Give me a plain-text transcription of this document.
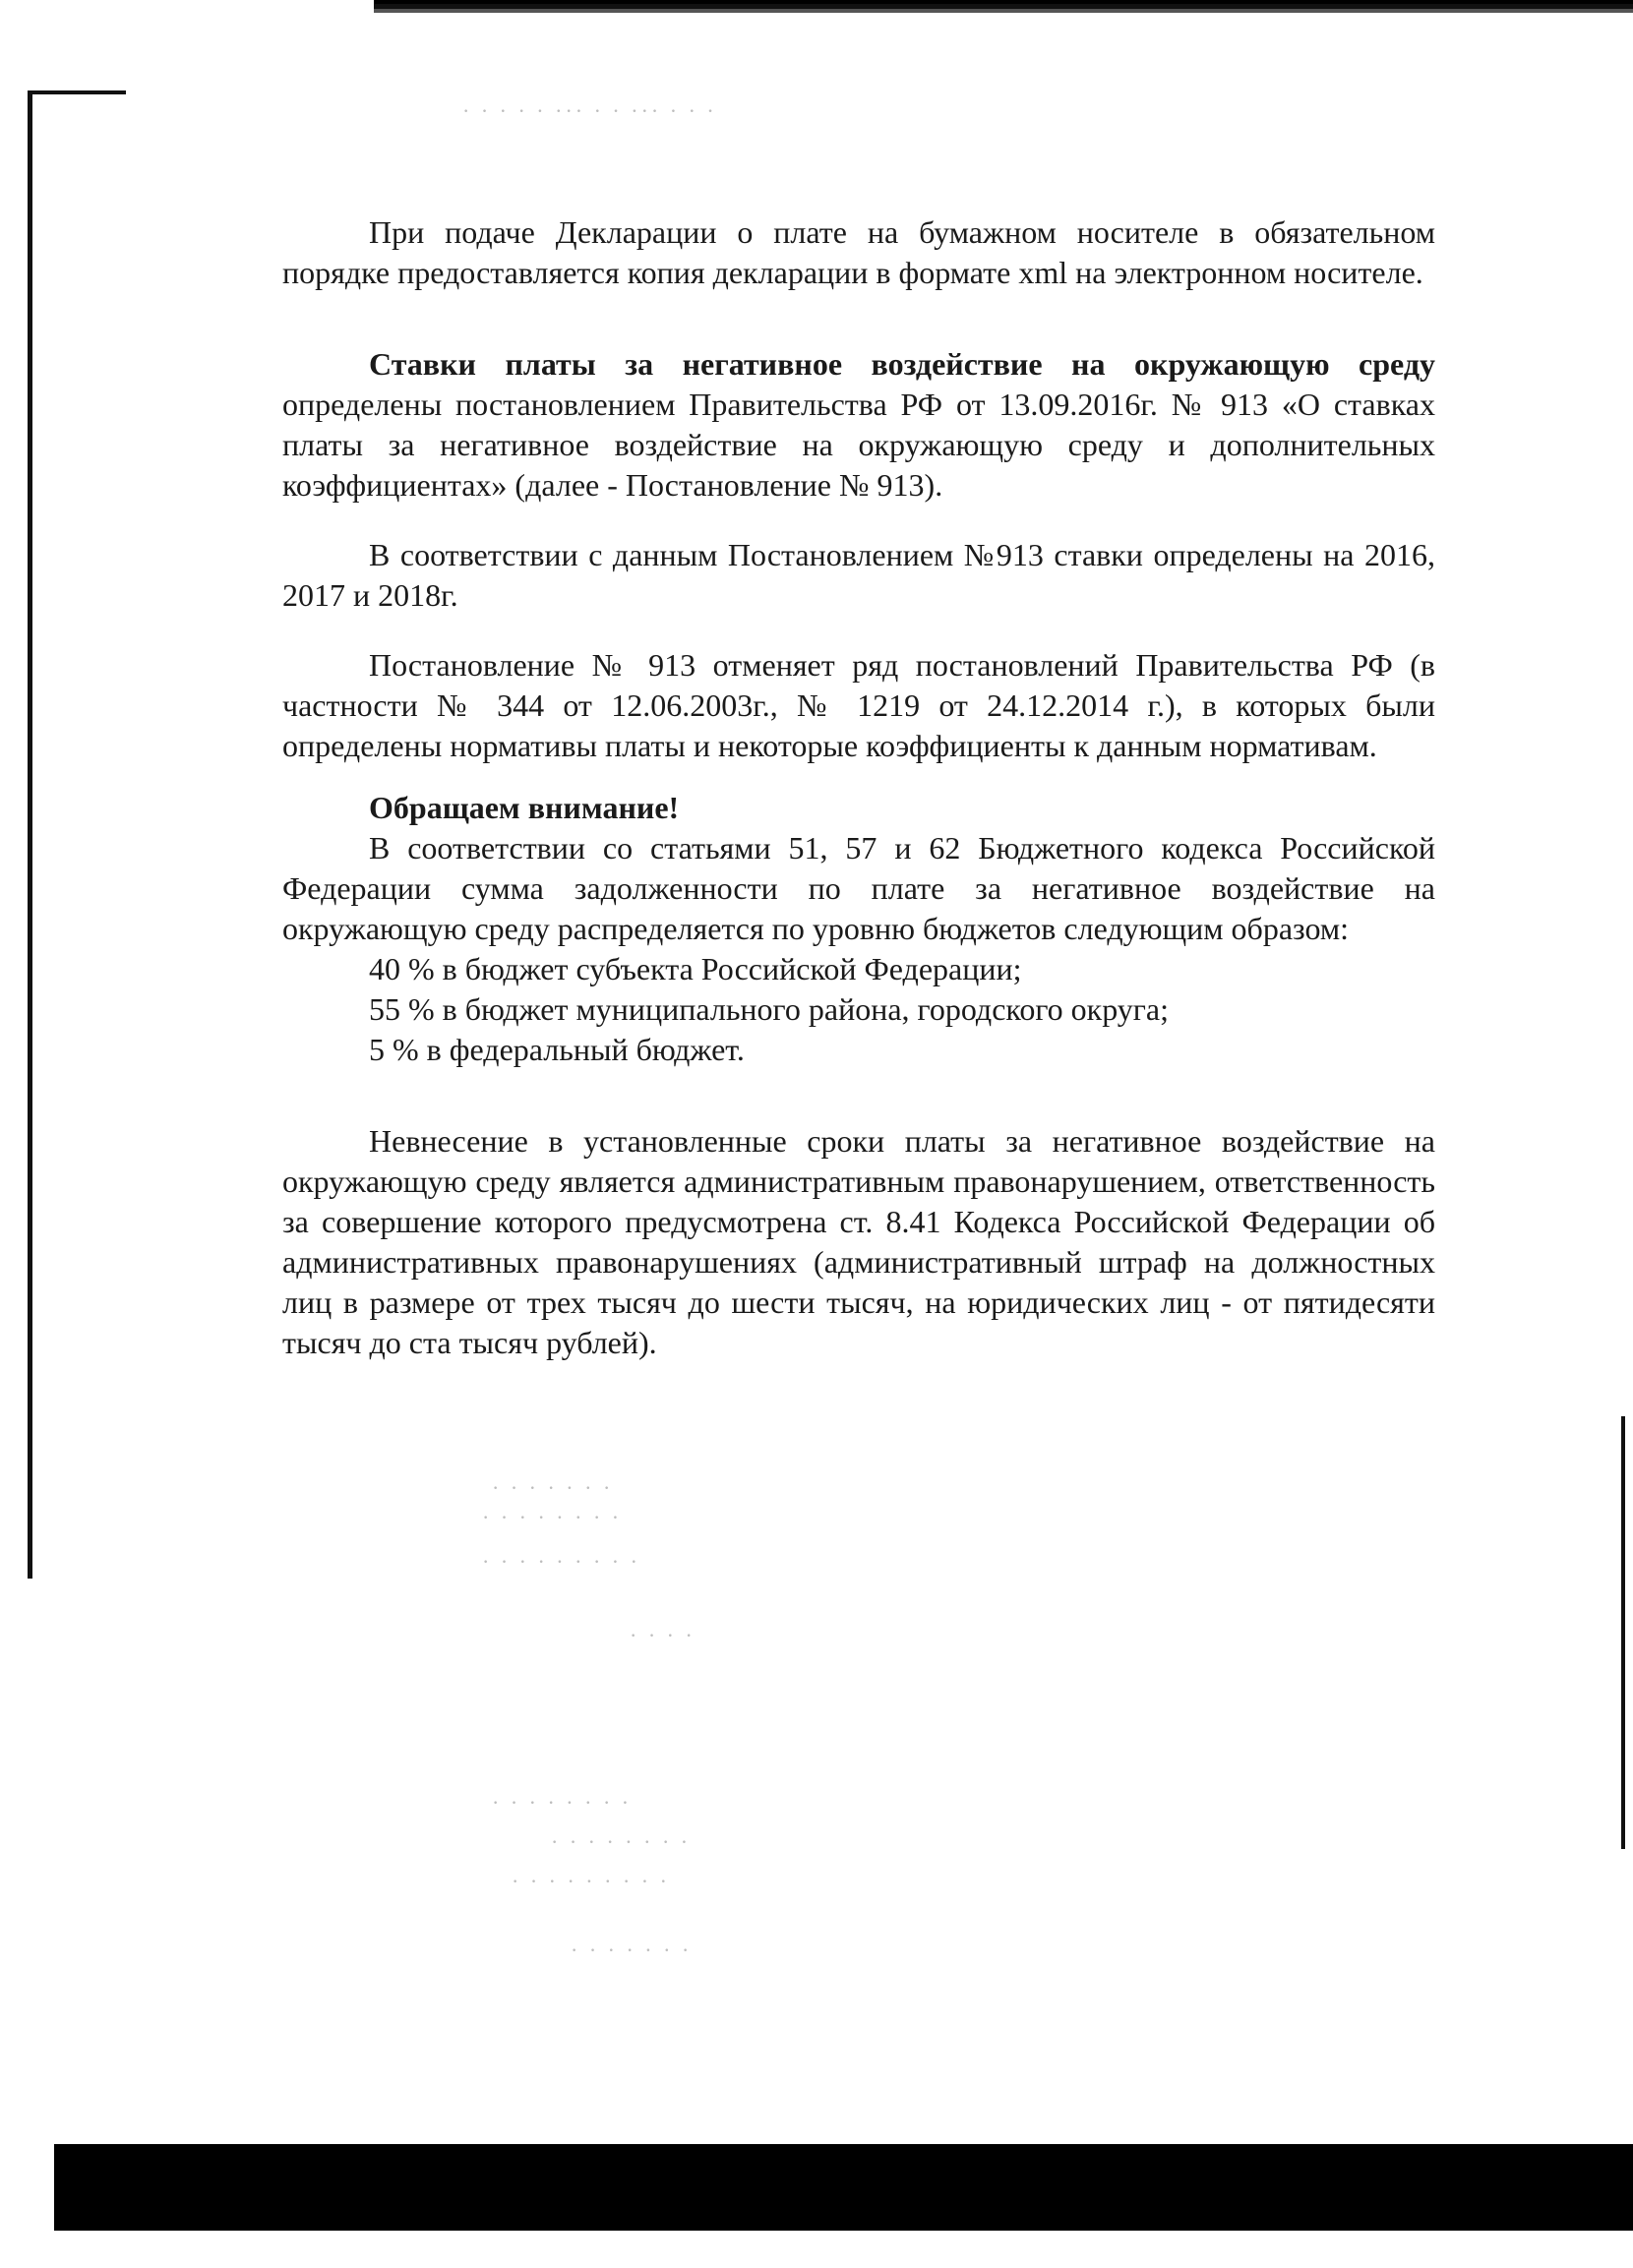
· · · · · ··· · · ··· · · ·
· · · · · · ·
· · · · · · · ·
· · · · · · · · ·
· · · ·
· · · · · · · ·
· · · · · · · ·
· · · · · · · · ·
· · · · · · ·

При подаче Декларации о плате на бумажном носителе в обязательном порядке предоставляется копия декларации в формате xml на электронном носителе.

Ставки платы за негативное воздействие на окружающую среду определены постановлением Правительства РФ от 13.09.2016г. № 913 «О ставках платы за негативное воздействие на окружающую среду и дополнительных коэффициентах» (далее - Постановление № 913).

В соответствии с данным Постановлением №913 ставки определены на 2016, 2017 и 2018г.

Постановление № 913 отменяет ряд постановлений Правительства РФ (в частности № 344 от 12.06.2003г., № 1219 от 24.12.2014 г.), в которых были определены нормативы платы и некоторые коэффициенты к данным нормативам.

Обращаем внимание!

В соответствии со статьями 51, 57 и 62 Бюджетного кодекса Российской Федерации сумма задолженности по плате за негативное воздействие на окружающую среду распределяется по уровню бюджетов следующим образом:

40 % в бюджет субъекта Российской Федерации;
55 % в бюджет муниципального района, городского округа;
5 % в федеральный бюджет.

Невнесение в установленные сроки платы за негативное воздействие на окружающую среду является административным правонарушением, ответственность за совершение которого предусмотрена ст. 8.41 Кодекса Российской Федерации об административных правонарушениях (административный штраф на должностных лиц в размере от трех тысяч до шести тысяч, на юридических лиц - от пятидесяти тысяч до ста тысяч рублей).
